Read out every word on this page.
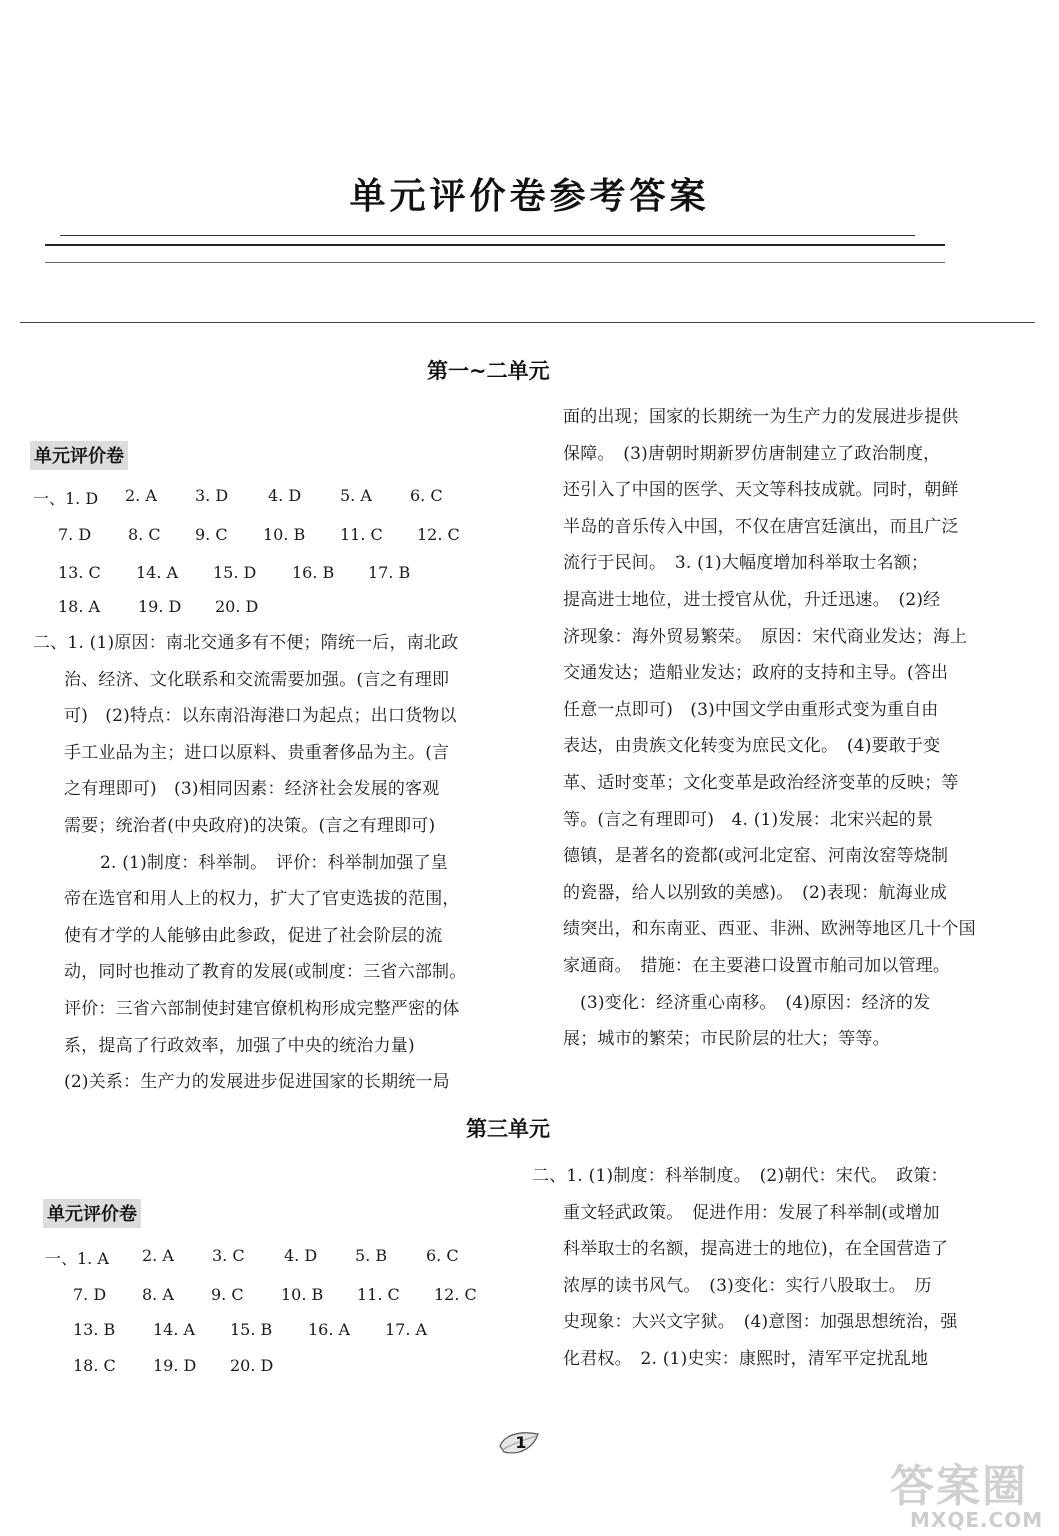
单元评价卷参考答案
第一~二单元
单元评价卷
一、1. D 2. A 3. D 4. D 5. A 6. C
7. D 8. C 9. C 10. B 11. C 12. C
13. C 14. A 15. D 16. B 17. B
18. A 19. D 20. D
二、1. (1)原因：南北交通多有不便；隋统一后，南北政
治、经济、文化联系和交流需要加强。(言之有理即
可)　(2)特点：以东南沿海港口为起点；出口货物以
手工业品为主；进口以原料、贵重奢侈品为主。(言
之有理即可)　(3)相同因素：经济社会发展的客观
需要；统治者(中央政府)的决策。(言之有理即可)
2. (1)制度：科举制。　评价：科举制加强了皇
帝在选官和用人上的权力，扩大了官吏选拔的范围，
使有才学的人能够由此参政，促进了社会阶层的流
动，同时也推动了教育的发展(或制度：三省六部制。
评价：三省六部制使封建官僚机构形成完整严密的体
系，提高了行政效率，加强了中央的统治力量)
(2)关系：生产力的发展进步促进国家的长期统一局
面的出现；国家的长期统一为生产力的发展进步提供
保障。　(3)唐朝时期新罗仿唐制建立了政治制度，
还引入了中国的医学、天文等科技成就。同时，朝鲜
半岛的音乐传入中国，不仅在唐宫廷演出，而且广泛
流行于民间。　3. (1)大幅度增加科举取士名额；
提高进士地位，进士授官从优，升迁迅速。　(2)经
济现象：海外贸易繁荣。　原因：宋代商业发达；海上
交通发达；造船业发达；政府的支持和主导。(答出
任意一点即可)　(3)中国文学由重形式变为重自由
表达，由贵族文化转变为庶民文化。　(4)要敢于变
革、适时变革；文化变革是政治经济变革的反映；等
等。(言之有理即可)　4. (1)发展：北宋兴起的景
德镇，是著名的瓷都(或河北定窑、河南汝窑等烧制
的瓷器，给人以别致的美感)。　(2)表现：航海业成
绩突出，和东南亚、西亚、非洲、欧洲等地区几十个国
家通商。　措施：在主要港口设置市舶司加以管理。
(3)变化：经济重心南移。　(4)原因：经济的发
展；城市的繁荣；市民阶层的壮大；等等。
第三单元
单元评价卷
一、1. A 2. A 3. C 4. D 5. B 6. C
7. D 8. A 9. C 10. B 11. C 12. C
13. B 14. A 15. B 16. A 17. A
18. C 19. D 20. D
二、1. (1)制度：科举制度。　(2)朝代：宋代。　政策：
重文轻武政策。　促进作用：发展了科举制(或增加
科举取士的名额，提高进士的地位)，在全国营造了
浓厚的读书风气。　(3)变化：实行八股取士。　历
史现象：大兴文字狱。　(4)意图：加强思想统治，强
化君权。　2. (1)史实：康熙时，清军平定扰乱地
1
答案圈
MXQE.COM
